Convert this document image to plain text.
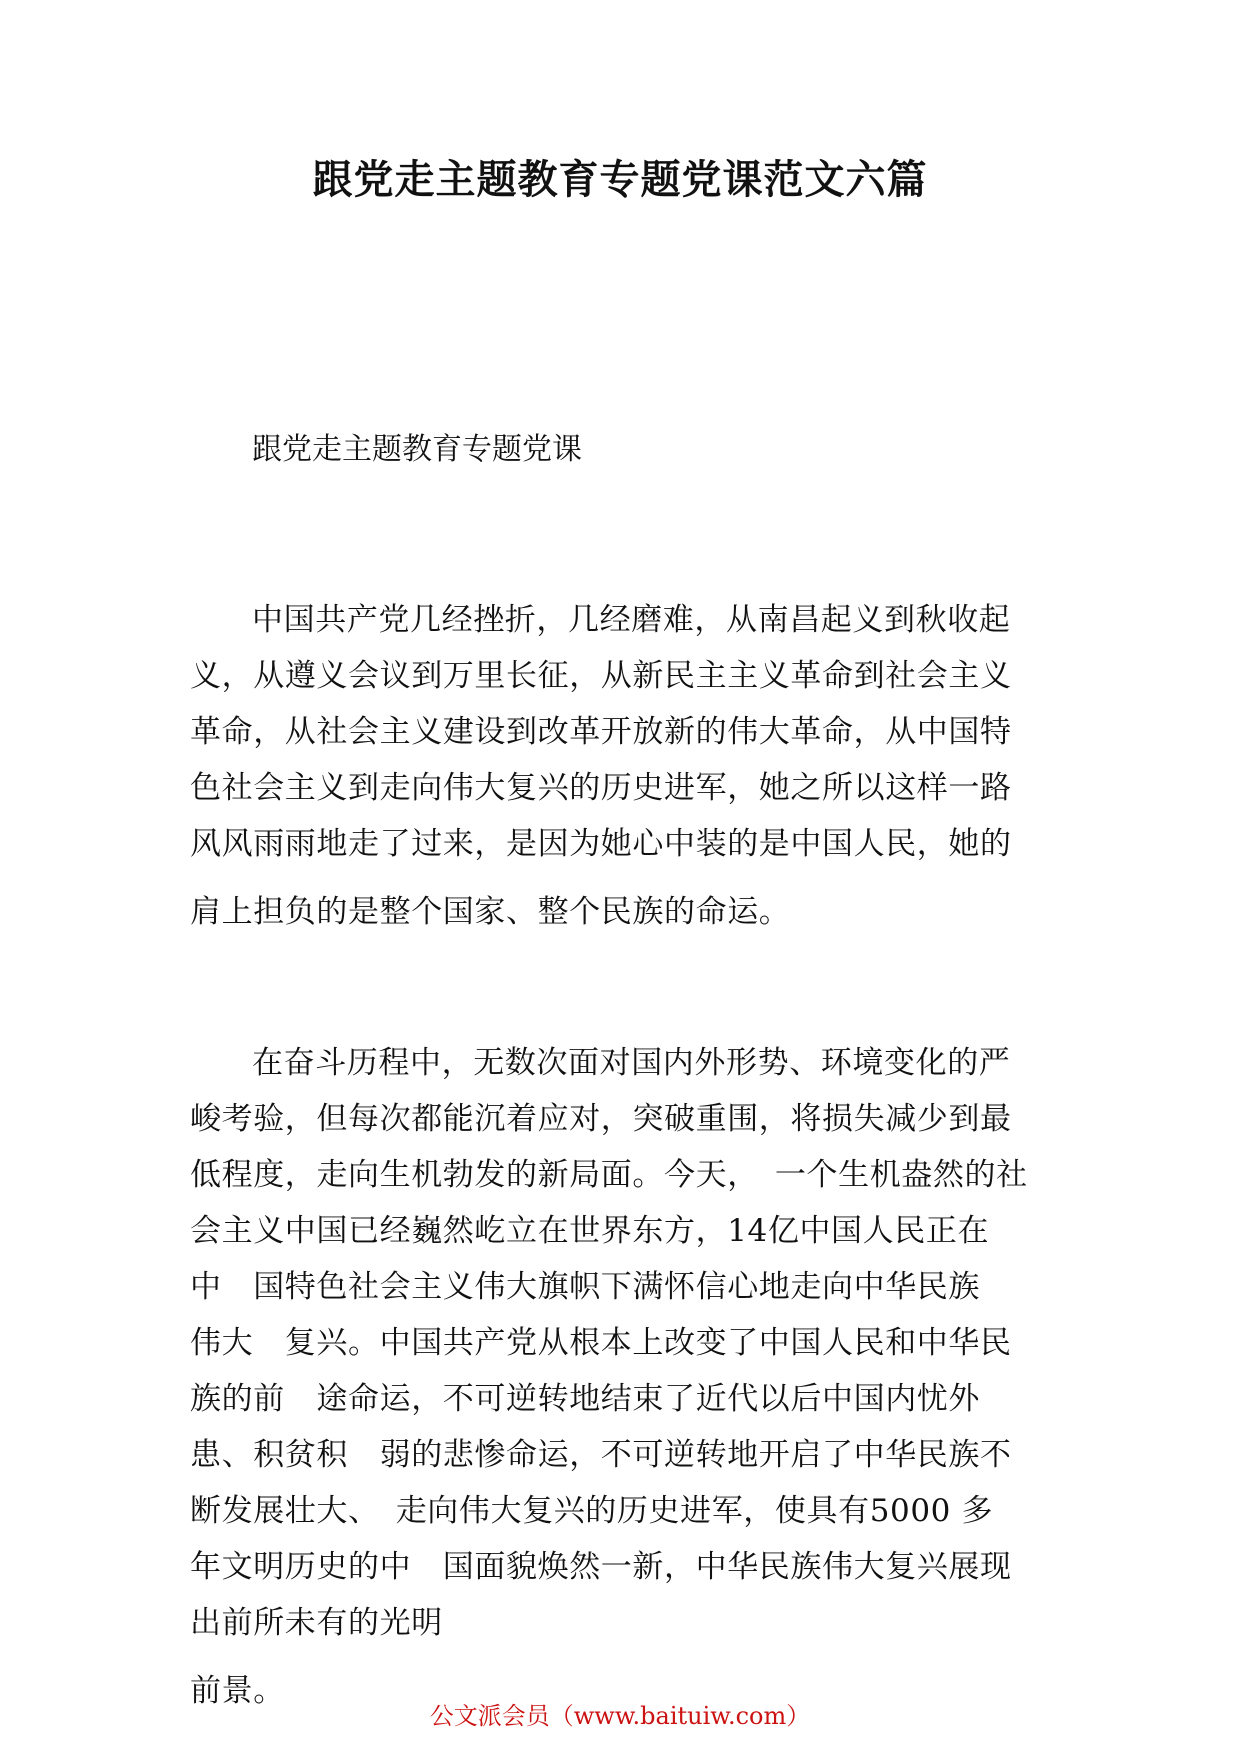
跟党走主题教育专题党课范文六篇

跟党走主题教育专题党课

中国共产党几经挫折，几经磨难，从南昌起义到秋收起
义，从遵义会议到万里长征，从新民主主义革命到社会主义
革命，从社会主义建设到改革开放新的伟大革命，从中国特
色社会主义到走向伟大复兴的历史进军，她之所以这样一路
风风雨雨地走了过来，是因为她心中装的是中国人民，她的
肩上担负的是整个国家、整个民族的命运。
在奋斗历程中，无数次面对国内外形势、环境变化的严
峻考验，但每次都能沉着应对，突破重围，将损失减少到最
低程度，走向生机勃发的新局面。今天，　一个生机盎然的社
会主义中国已经巍然屹立在世界东方，14亿中国人民正在
中　国特色社会主义伟大旗帜下满怀信心地走向中华民族
伟大　复兴。中国共产党从根本上改变了中国人民和中华民
族的前　途命运，不可逆转地结束了近代以后中国内忧外
患、积贫积　弱的悲惨命运，不可逆转地开启了中华民族不
断发展壮大、　走向伟大复兴的历史进军，使具有5000 多
年文明历史的中　国面貌焕然一新，中华民族伟大复兴展现
出前所未有的光明
前景。

公文派会员（www.baituiw.com）
